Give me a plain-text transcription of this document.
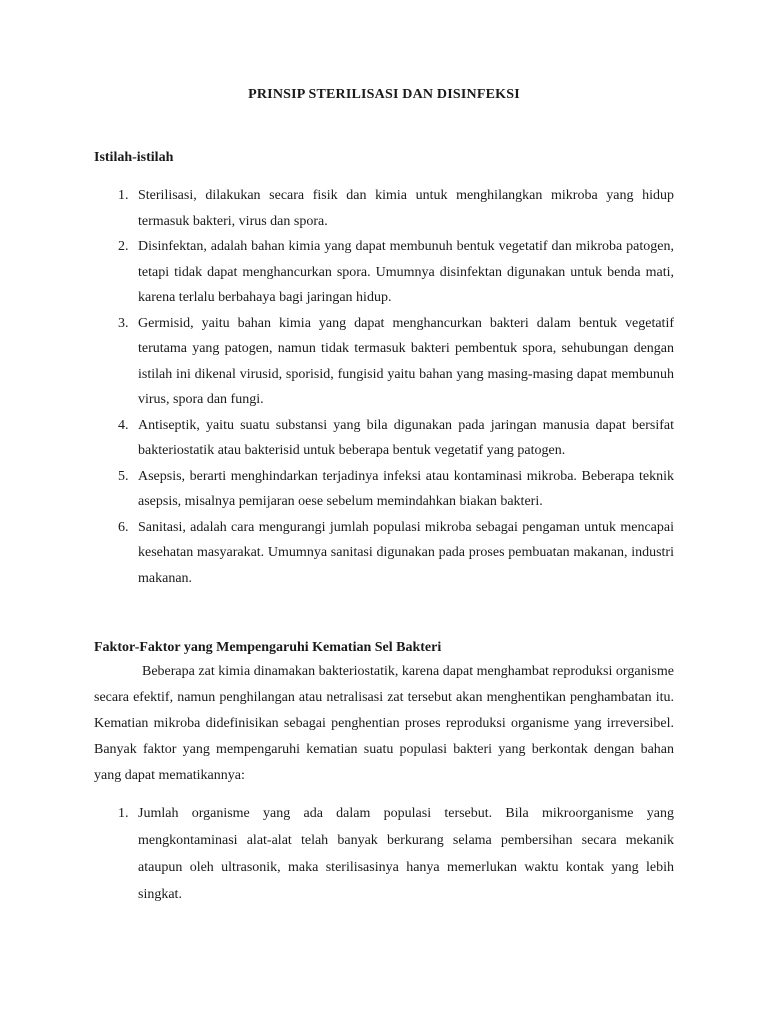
PRINSIP STERILISASI DAN DISINFEKSI
Istilah-istilah
1. Sterilisasi, dilakukan secara fisik dan kimia untuk menghilangkan mikroba yang hidup termasuk bakteri, virus dan spora.
2. Disinfektan, adalah bahan kimia yang dapat membunuh bentuk vegetatif dan mikroba patogen, tetapi tidak dapat menghancurkan spora. Umumnya disinfektan digunakan untuk benda mati, karena terlalu berbahaya bagi jaringan hidup.
3. Germisid, yaitu bahan kimia yang dapat menghancurkan bakteri dalam bentuk vegetatif terutama yang patogen, namun tidak termasuk bakteri pembentuk spora, sehubungan dengan istilah ini dikenal virusid, sporisid, fungisid yaitu bahan yang masing-masing dapat membunuh virus, spora dan fungi.
4. Antiseptik, yaitu suatu substansi yang bila digunakan pada jaringan manusia dapat bersifat bakteriostatik atau bakterisid untuk beberapa bentuk vegetatif yang patogen.
5. Asepsis, berarti menghindarkan terjadinya infeksi atau kontaminasi mikroba. Beberapa teknik asepsis, misalnya pemijaran oese sebelum memindahkan biakan bakteri.
6. Sanitasi, adalah cara mengurangi jumlah populasi mikroba sebagai pengaman untuk mencapai kesehatan masyarakat. Umumnya sanitasi digunakan pada proses pembuatan makanan, industri makanan.
Faktor-Faktor yang Mempengaruhi Kematian Sel Bakteri

Beberapa zat kimia dinamakan bakteriostatik, karena dapat menghambat reproduksi organisme secara efektif, namun penghilangan atau netralisasi zat tersebut akan menghentikan penghambatan itu. Kematian mikroba didefinisikan sebagai penghentian proses reproduksi organisme yang irreversibel. Banyak faktor yang mempengaruhi kematian suatu populasi bakteri yang berkontak dengan bahan yang dapat mematikannya:

1. Jumlah organisme yang ada dalam populasi tersebut. Bila mikroorganisme yang mengkontaminasi alat-alat telah banyak berkurang selama pembersihan secara mekanik ataupun oleh ultrasonik, maka sterilisasinya hanya memerlukan waktu kontak yang lebih singkat.
